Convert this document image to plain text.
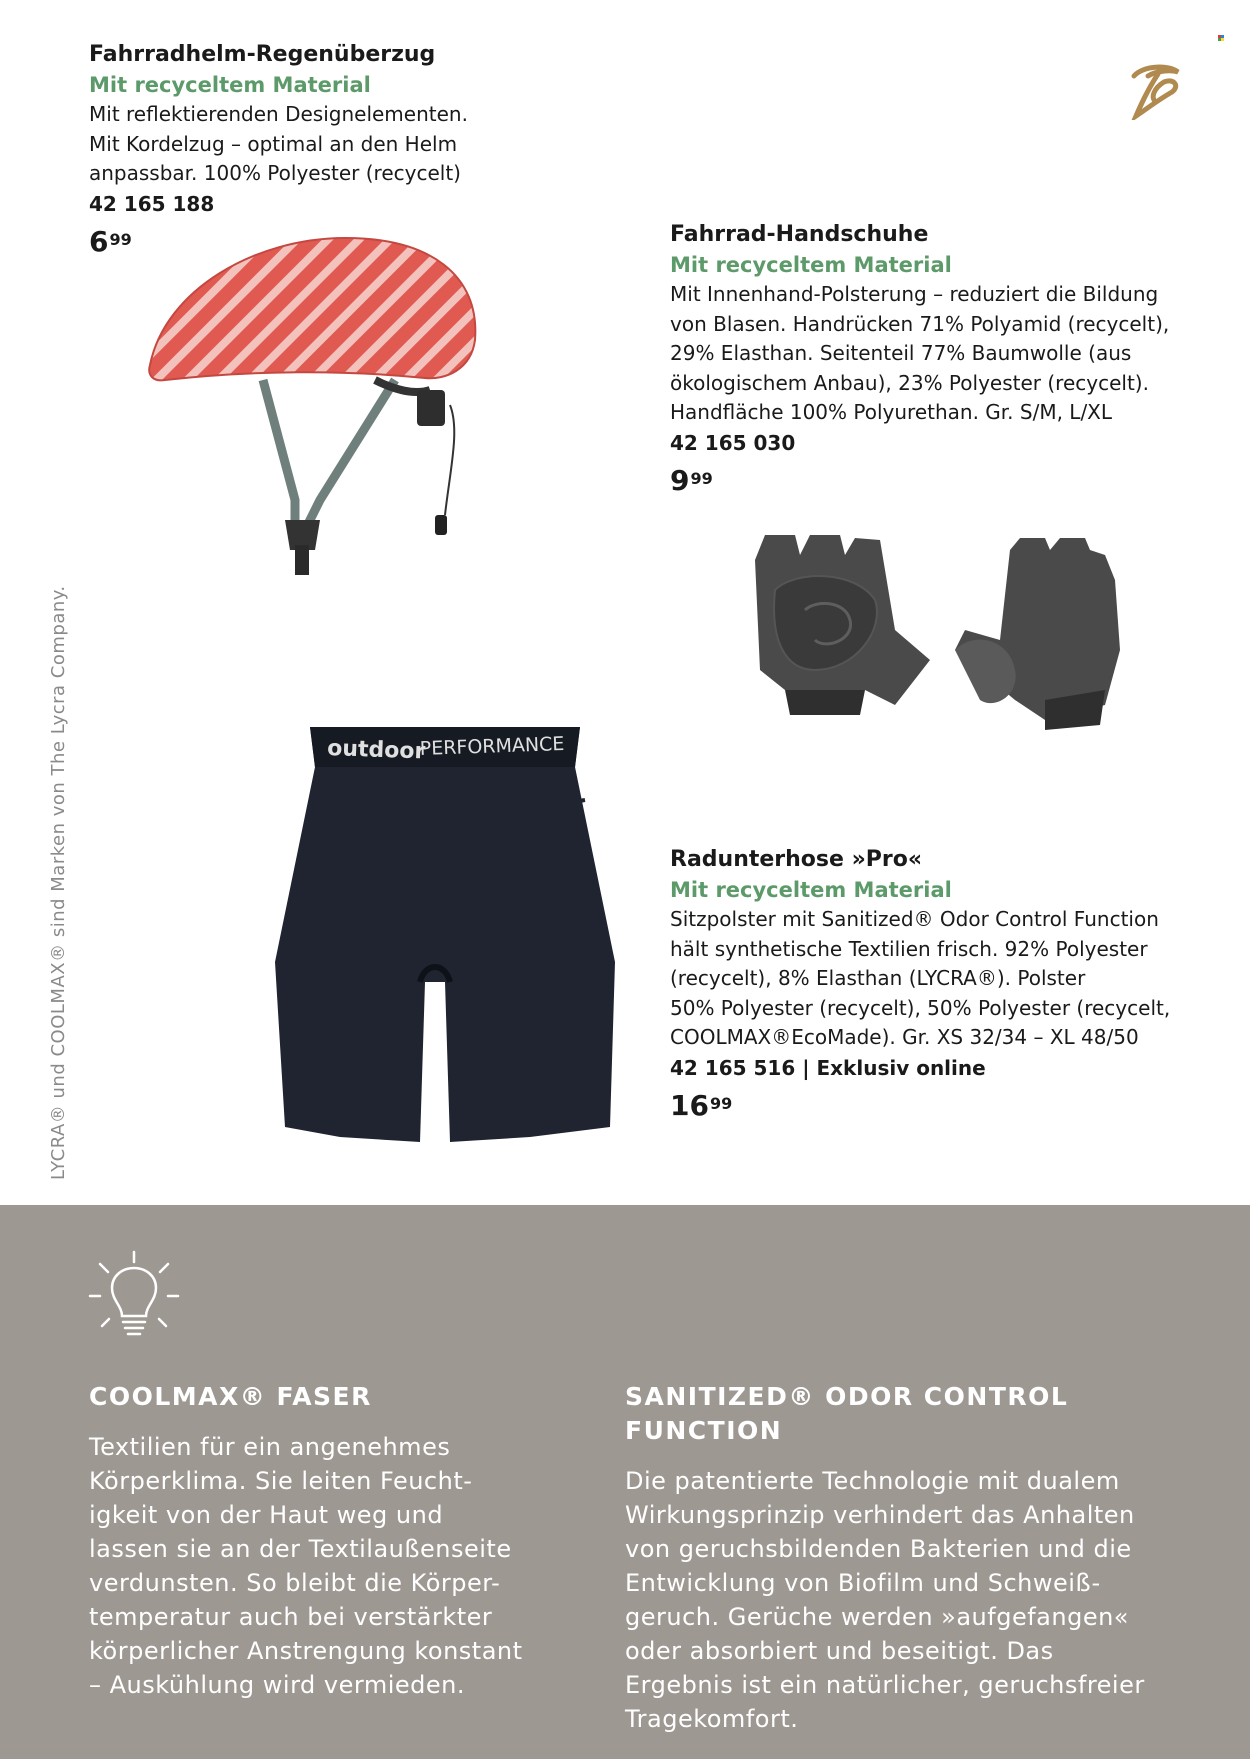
Fahrradhelm-Regenüberzug
Mit recyceltem Material
Mit reflektierenden Designelementen.
Mit Kordelzug – optimal an den Helm
anpassbar. 100% Polyester (recycelt)
42 165 188
$6^{99}$	Fahrrad-Handschuhe
Mit recyceltem Material
Mit Innenhand-Polsterung – reduziert die Bildung
von Blasen. Handrücken 71% Polyamid (recycelt),
29% Elasthan. Seitenteil 77% Baumwolle (aus
ökologischem Anbau), 23% Polyester (recycelt).
Handfläche 100% Polyurethan. Gr. S/M, L/XL
42 165 030
$9^{99}$
outdoor
PERFORMANCE
Radunterhose »Pro«
Mit recyceltem Material
Sitzpolster mit Sanitized® Odor Control Function
hält synthetische Textilien frisch. 92% Polyester
(recycelt), 8% Elasthan (LYCRA®). Polster
50% Polyester (recycelt), 50% Polyester (recycelt,
COOLMAX®EcoMade). Gr. XS 32/34 – XL 48/50
42 165 516 | Exklusiv online
$16^{99}$
LYCRA® und COOLMAX® sind Marken von The Lycra Company.
COOLMAX® FASER
Textilien für ein angenehmes
Körperklima. Sie leiten Feucht-
igkeit von der Haut weg und
lassen sie an der Textilaußenseite
verdunsten. So bleibt die Körper-
temperatur auch bei verstärkter
körperlicher Anstrengung konstant
– Auskühlung wird vermieden.
SANITIZED® ODOR CONTROL FUNCTION
Die patentierte Technologie mit dualem
Wirkungsprinzip verhindert das Anhalten
von geruchsbildenden Bakterien und die
Entwicklung von Biofilm und Schweiß-
geruch. Gerüche werden »aufgefangen«
oder absorbiert und beseitigt. Das
Ergebnis ist ein natürlicher, geruchsfreier
Tragekomfort.
